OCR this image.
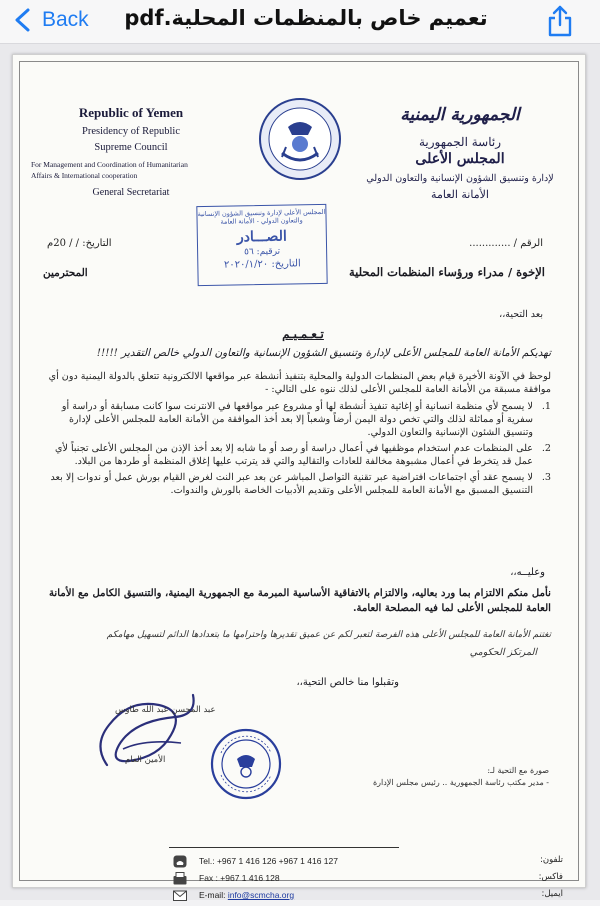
Back	تعميم خاص بالمنظمات المحلية.pdf
Republic of Yemen
Presidency of Republic
Supreme Council
For Management and Coordination of Humanitarian
Affairs & International cooperation
General Secretariat
الجمهورية اليمنية
رئاسة الجمهورية
المجلس الأعلى
لإدارة وتنسيق الشؤون الإنسانية والتعاون الدولي
الأمانة العامة
المجلس الأعلى لإدارة وتنسيق الشؤون الإنسانية
والتعاون الدولي - الأمانة العامة
الصـــادر
ترقيم: ٥٦
التاريخ: ٢٠٢٠/١/٢٠
التاريخ: / / 20م	الرقم / .............
الإخوة / مدراء ورؤساء المنظمات المحلية
المحترمين
بعد التحية،،
تـعـمـيـم
تهديكم الأمانة العامة للمجلس الأعلى لإدارة وتنسيق الشؤون الإنسانية والتعاون الدولي خالص التقدير !!!!!
لوحظ في الآونة الأخيرة قيام بعض المنظمات الدولية والمحلية بتنفيذ أنشطة عبر مواقعها الالكترونية تتعلق بالدولة اليمنية دون أي موافقة مسبقة من الأمانة العامة للمجلس الأعلى لذلك ننوه على التالي: -
1.
لا يسمح لأي منظمة انسانية أو إغاثية تنفيذ أنشطة لها أو مشروع عبر مواقعها في الانترنت سوا كانت مسابقة أو دراسة أو سفرية أو مماثلة لذلك والتي تخص دولة اليمن أرضاً وشعباً إلا بعد أخذ الموافقة من الأمانة العامة للمجلس الأعلى لإدارة وتنسيق الشئون الإنسانية والتعاون الدولي.
2.
على المنظمات عدم استخدام موظفيها في أعمال دراسة أو رصد أو ما شابه إلا بعد أخذ الإذن من المجلس الأعلى تجنباً لأي عمل قد يتخرط في أعمال مشبوهة مخالفة للعادات والتقاليد والتي قد يترتب عليها إغلاق المنظمة أو طردها من البلاد.
3.
لا يسمح عقد أي اجتماعات افتراضية عبر تقنية التواصل المباشر عن بعد عبر النت لغرض القيام بورش عمل أو ندوات إلا بعد التنسيق المسبق مع الأمانة العامة للمجلس الأعلى وتقديم الأدبيات الخاصة بالورش والندوات.
وعليــه،،
نأمل منكم الالتزام بما ورد بعاليه، والالتزام بالاتفاقية الأساسية المبرمة مع الجمهورية اليمنية، والتنسيق الكامل مع الأمانة العامة للمجلس الأعلى لما فيه المصلحة العامة.
تغتنم الأمانة العامة للمجلس الأعلى هذه الفرصة لتعبر لكم عن عميق تقديرها واحترامها ما بتعدادها الدائم لتسهيل مهامكم
المرتكز الحكومي
وتقبلوا منا خالص التحية،،
عبد المحسن عبد الله طاوس
الأمين العام
صورة مع التحية لـ:
- مدير مكتب رئاسة الجمهورية .. رئيس مجلس الإدارة
Tel.: +967 1 416 126 +967 1 416 127	تلفون:
Fax : +967 1 416 128	فاكس:
E-mail: info@scmcha.org	ايميل:
